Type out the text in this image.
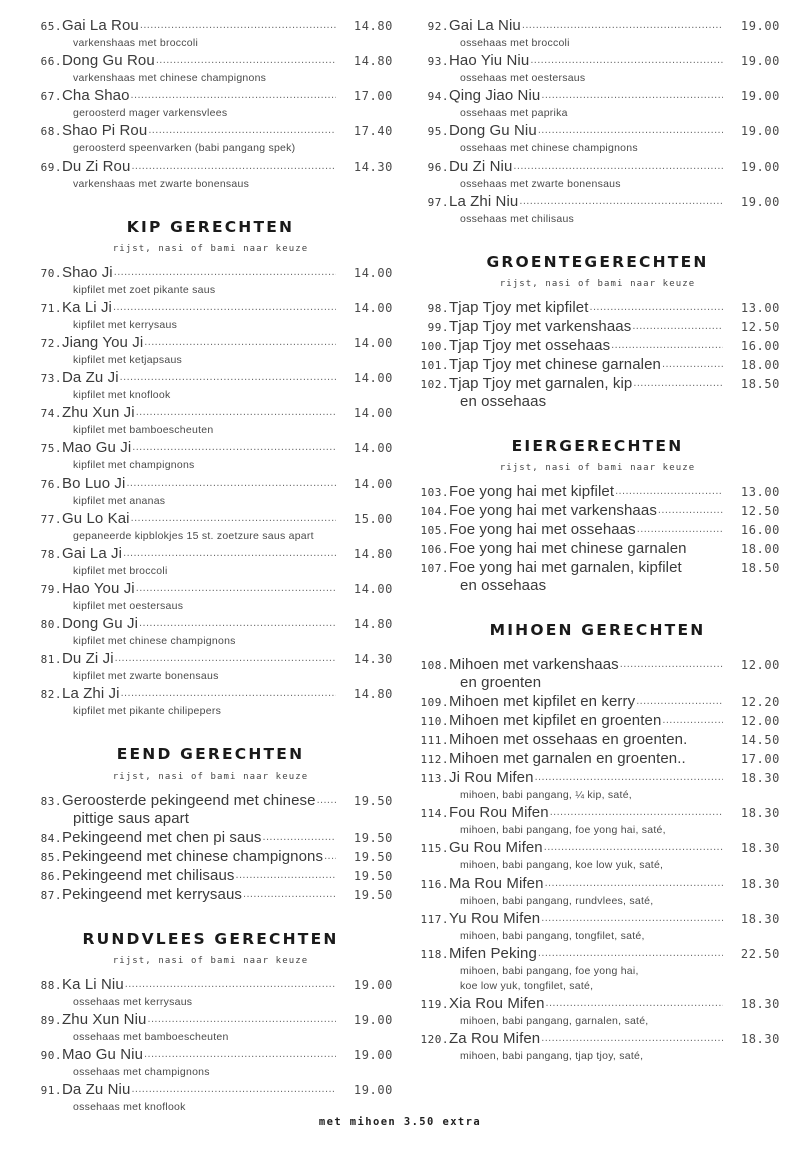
65. Gai La Rou .....	14.80
varkenshaas met broccoli
66. Dong Gu Rou .....	14.80
varkenshaas met chinese champignons
67. Cha Shao .....	17.00
geroosterd mager varkensvlees
68. Shao Pi Rou .....	17.40
geroosterd speenvarken (babi pangang spek)
69. Du Zi Rou .....	14.30
varkenshaas met zwarte bonensaus
KIP GERECHTEN
rijst, nasi of bami naar keuze
70. Shao Ji .....	14.00
kipfilet met zoet pikante saus
71. Ka Li Ji .....	14.00
kipfilet met kerrysaus
72. Jiang You Ji .....	14.00
kipfilet met ketjapsaus
73. Da Zu Ji .....	14.00
kipfilet met knoflook
74. Zhu Xun Ji .....	14.00
kipfilet met bamboescheuten
75. Mao Gu Ji .....	14.00
kipfilet met champignons
76. Bo Luo Ji .....	14.00
kipfilet met ananas
77. Gu Lo Kai .....	15.00
gepaneerde kipblokjes 15 st. zoetzure saus apart
78. Gai La Ji .....	14.80
kipfilet met broccoli
79. Hao You Ji .....	14.00
kipfilet met oestersaus
80. Dong Gu Ji .....	14.80
kipfilet met chinese champignons
81. Du Zi Ji .....	14.30
kipfilet met zwarte bonensaus
82. La Zhi Ji .....	14.80
kipfilet met pikante chilipepers
EEND GERECHTEN
rijst, nasi of bami naar keuze
83. Geroosterde pekingeend met chinese .....	19.50
pittige saus apart
84. Pekingeend met chen pi saus .....	19.50
85. Pekingeend met chinese champignons .....	19.50
86. Pekingeend met chilisaus .....	19.50
87. Pekingeend met kerrysaus .....	19.50
RUNDVLEES GERECHTEN
rijst, nasi of bami naar keuze
88. Ka Li Niu .....	19.00
ossehaas met kerrysaus
89. Zhu Xun Niu .....	19.00
ossehaas met bamboescheuten
90. Mao Gu Niu .....	19.00
ossehaas met champignons
91. Da Zu Niu .....	19.00
ossehaas met knoflook
92. Gai La Niu .....	19.00
ossehaas met broccoli
93. Hao Yiu Niu .....	19.00
ossehaas met oestersaus
94. Qing Jiao Niu .....	19.00
ossehaas met paprika
95. Dong Gu Niu .....	19.00
ossehaas met chinese champignons
96. Du Zi Niu .....	19.00
ossehaas met zwarte bonensaus
97. La Zhi Niu .....	19.00
ossehaas met chilisaus
GROENTEGERECHTEN
rijst, nasi of bami naar keuze
98. Tjap Tjoy met kipfilet .....	13.00
99. Tjap Tjoy met varkenshaas .....	12.50
100. Tjap Tjoy met ossehaas .....	16.00
101. Tjap Tjoy met chinese garnalen .....	18.00
102. Tjap Tjoy met garnalen, kip .....	18.50
en ossehaas
EIERGERECHTEN
rijst, nasi of bami naar keuze
103. Foe yong hai met kipfilet .....	13.00
104. Foe yong hai met varkenshaas .....	12.50
105. Foe yong hai met ossehaas .....	16.00
106. Foe yong hai met chinese garnalen	18.00
107. Foe yong hai met garnalen, kipfilet	18.50
en ossehaas
MIHOEN GERECHTEN
108. Mihoen met varkenshaas .....	12.00
en groenten
109. Mihoen met kipfilet en kerry .....	12.20
110. Mihoen met kipfilet en groenten .....	12.00
111. Mihoen met ossehaas en groenten.	14.50
112. Mihoen met garnalen en groenten..	17.00
113. Ji Rou Mifen .....	18.30
mihoen, babi pangang, ¼ kip, saté,
114. Fou Rou Mifen .....	18.30
mihoen, babi pangang, foe yong hai, saté,
115. Gu Rou Mifen .....	18.30
mihoen, babi pangang, koe low yuk, saté,
116. Ma Rou Mifen .....	18.30
mihoen, babi pangang, rundvlees, saté,
117. Yu Rou Mifen .....	18.30
mihoen, babi pangang, tongfilet, saté,
118. Mifen Peking .....	22.50
mihoen, babi pangang, foe yong hai,
koe low yuk, tongfilet, saté,
119. Xia Rou Mifen .....	18.30
mihoen, babi pangang, garnalen, saté,
120. Za Rou Mifen .....	18.30
mihoen, babi pangang, tjap tjoy, saté,
met mihoen 3.50 extra
